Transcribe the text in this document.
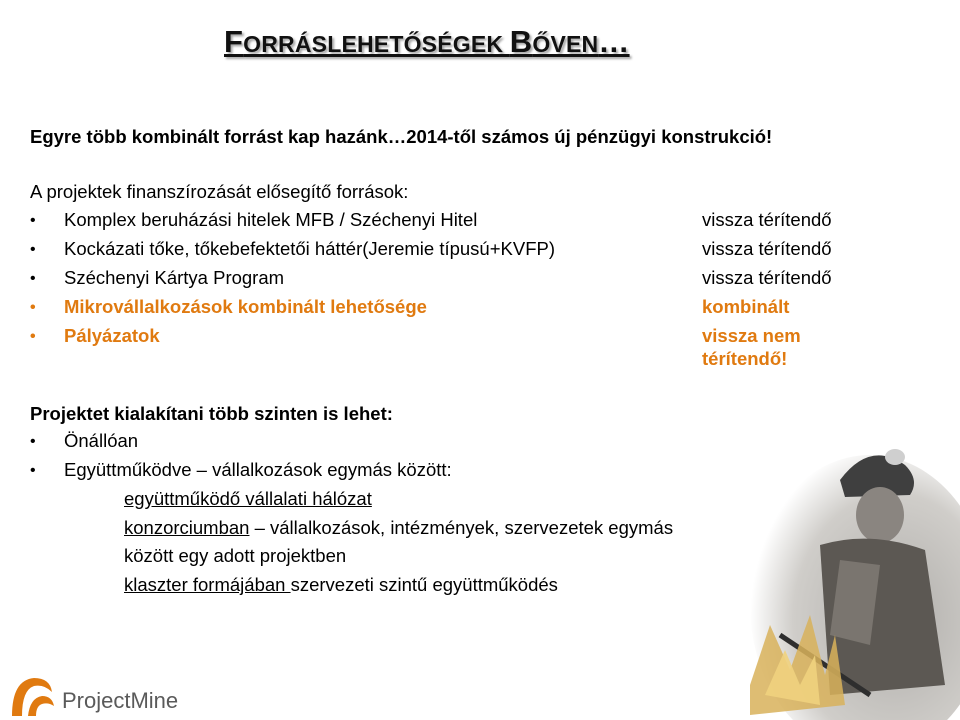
FORRÁSLEHETŐSÉGEK BŐVEN…
Egyre több kombinált forrást kap hazánk…2014-től számos új pénzügyi konstrukció!
A projektek finanszírozását elősegítő források:
• Komplex beruházási hitelek MFB / Széchenyi Hitel	vissza térítendő
• Kockázati tőke, tőkebefektetői háttér(Jeremie típusú+KVFP)	vissza térítendő
• Széchenyi Kártya Program	vissza térítendő
• Mikrovállalkozások kombinált lehetősége	kombinált
• Pályázatok	vissza nem
térítendő!
Projektet kialakítani több szinten is lehet:
• Önállóan
• Együttműködve – vállalkozások egymás között:
együttműködő vállalati hálózat
konzorciumban – vállalkozások, intézmények, szervezetek egymás
között egy adott projektben
klaszter formájában szervezeti szintű együttműködés
ProjectMine
